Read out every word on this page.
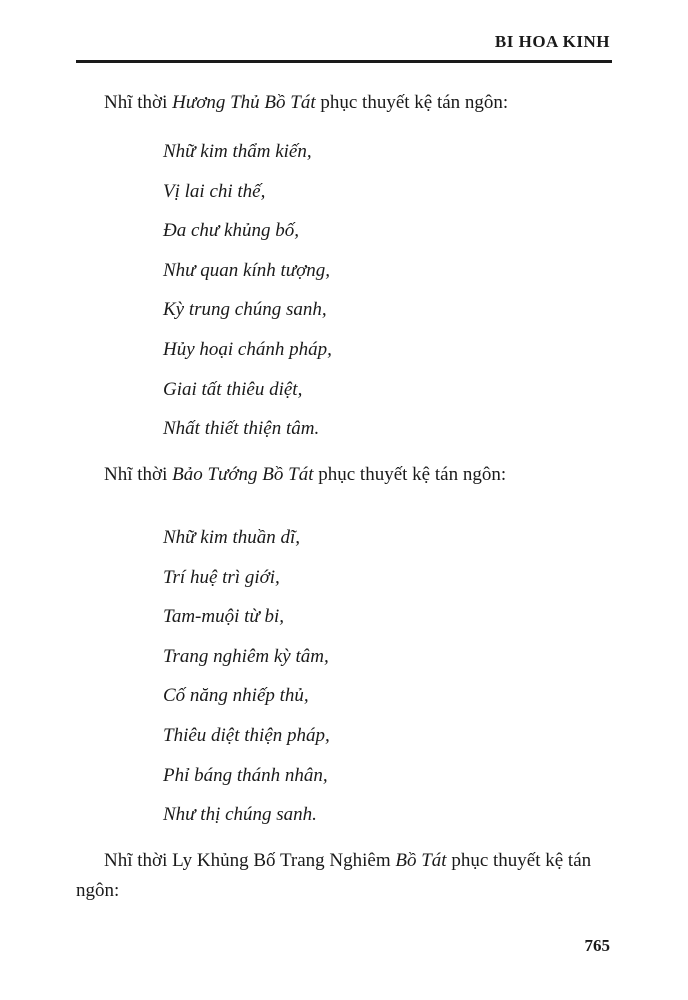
BI HOA KINH

Nhĩ thời Hương Thủ Bồ Tát phục thuyết kệ tán ngôn:

Nhữ kim thẩm kiến,
Vị lai chi thế,
Đa chư khủng bố,
Như quan kính tượng,
Kỳ trung chúng sanh,
Hủy hoại chánh pháp,
Giai tất thiêu diệt,
Nhất thiết thiện tâm.

Nhĩ thời Bảo Tướng Bồ Tát phục thuyết kệ tán ngôn:

Nhữ kim thuần dĩ,
Trí huệ trì giới,
Tam-muội từ bi,
Trang nghiêm kỳ tâm,
Cố năng nhiếp thủ,
Thiêu diệt thiện pháp,
Phỉ báng thánh nhân,
Như thị chúng sanh.

Nhĩ thời Ly Khủng Bố Trang Nghiêm Bồ Tát phục thuyết kệ tán ngôn:

765
